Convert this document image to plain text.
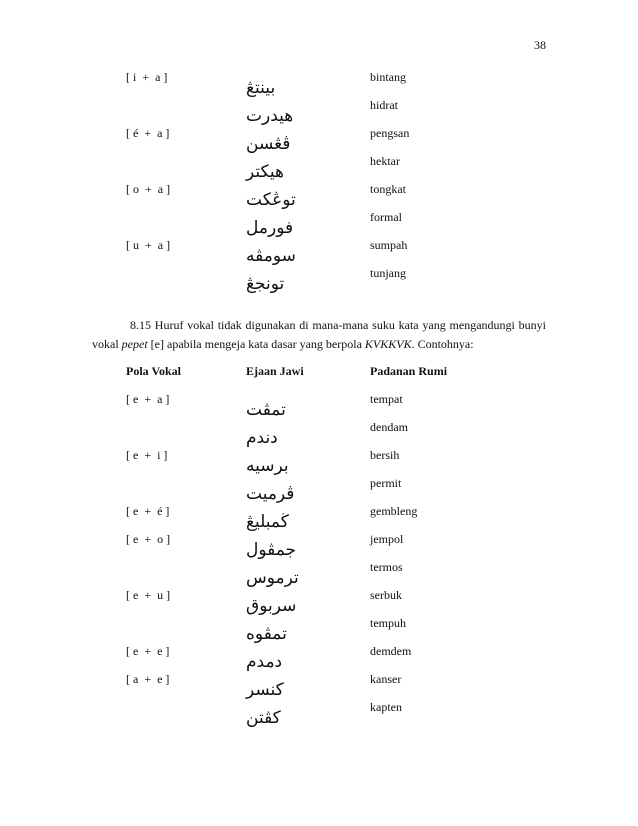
38
[ i  +  a ]
بينتڠ
bintang
هيدرت
hidrat
[ é  +  a ]
ڤڠسن
pengsan
هيکتر
hektar
[ o  +  a ]
توڠکت
tongkat
فورمل
formal
[ u  +  a ]
سومڤه
sumpah
تونجڠ
tunjang
8.15 Huruf vokal tidak digunakan di mana-mana suku kata yang mengandungi bunyi vokal pepet [e] apabila mengeja kata dasar yang berpola KVKKVK. Contohnya:
Pola Vokal	Ejaan Jawi	Padanan Rumi
[ e  +  a ]
تمڤت
tempat
دندم
dendam
[ e  +  i ]
برسيه
bersih
ڤرميت
permit
[ e  +  é ]
ڬمبليڠ
gembleng
[ e  +  o ]
جمڤول
jempol
ترموس
termos
[ e  +  u ]
سربوق
serbuk
تمڤوه
tempuh
[ e  +  e ]
دمدم
demdem
[ a  +  e ]
کنسر
kanser
کڤتن
kapten
